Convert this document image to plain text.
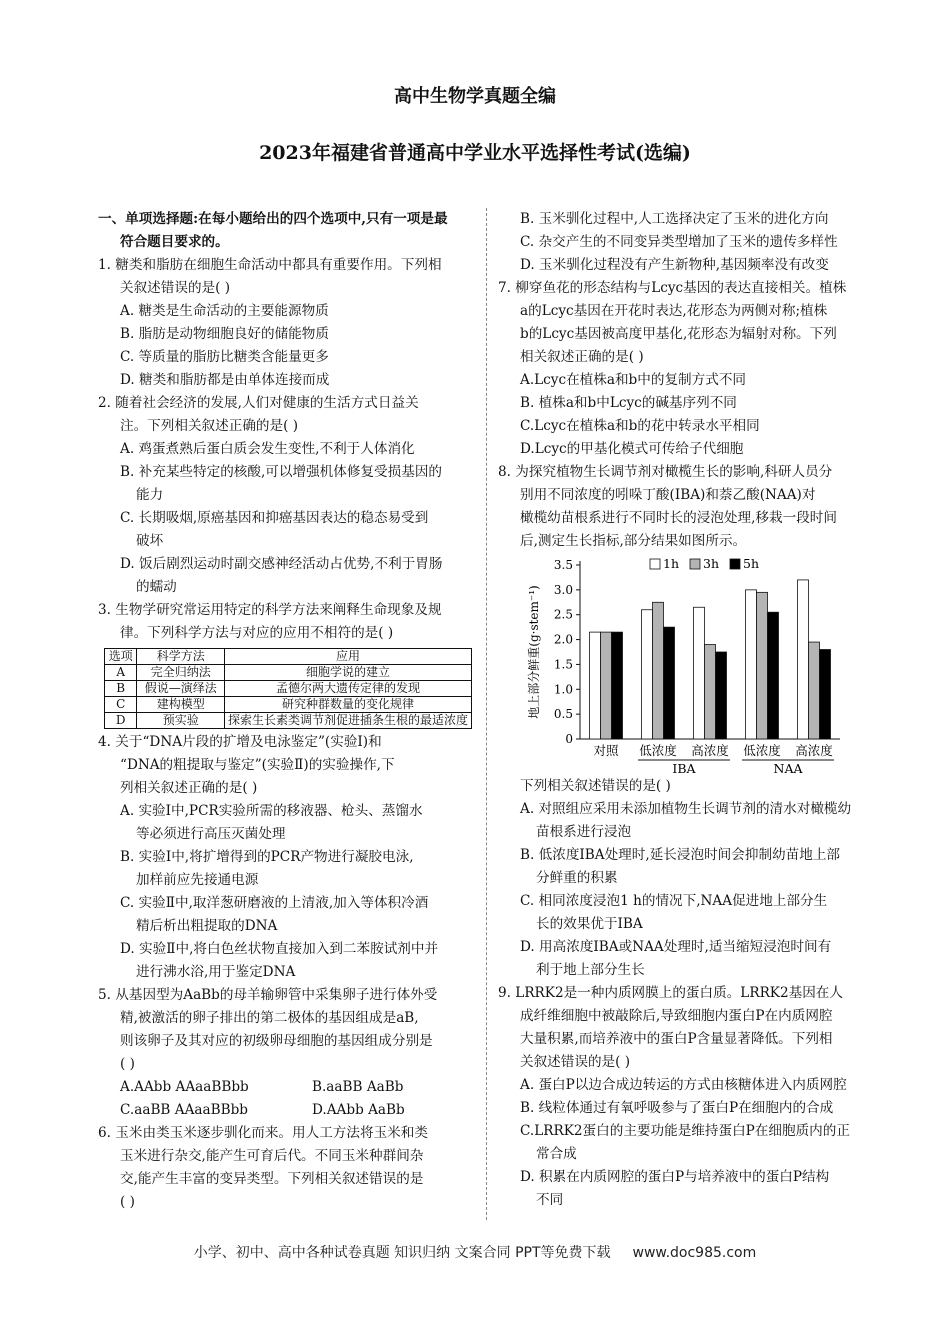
高中生物学真题全编
2023年福建省普通高中学业水平选择性考试(选编)
一、单项选择题:在每小题给出的四个选项中,只有一项是最
符合题目要求的。
1. 糖类和脂肪在细胞生命活动中都具有重要作用。下列相
关叙述错误的是( )
A. 糖类是生命活动的主要能源物质
B. 脂肪是动物细胞良好的储能物质
C. 等质量的脂肪比糖类含能量更多
D. 糖类和脂肪都是由单体连接而成
2. 随着社会经济的发展,人们对健康的生活方式日益关
注。下列相关叙述正确的是( )
A. 鸡蛋煮熟后蛋白质会发生变性,不利于人体消化
B. 补充某些特定的核酸,可以增强机体修复受损基因的
能力
C. 长期吸烟,原癌基因和抑癌基因表达的稳态易受到
破坏
D. 饭后剧烈运动时副交感神经活动占优势,不利于胃肠
的蠕动
3. 生物学研究常运用特定的科学方法来阐释生命现象及规
律。下列科学方法与对应的应用不相符的是( )
选项	科学方法	应用
A	完全归纳法	细胞学说的建立
B	假说—演绎法	孟德尔两大遗传定律的发现
C	建构模型	研究种群数量的变化规律
D	预实验	探索生长素类调节剂促进插条生根的最适浓度
4. 关于“DNA片段的扩增及电泳鉴定”(实验Ⅰ)和
“DNA的粗提取与鉴定”(实验Ⅱ)的实验操作,下
列相关叙述正确的是( )
A. 实验Ⅰ中,PCR实验所需的移液器、枪头、蒸馏水
等必须进行高压灭菌处理
B. 实验Ⅰ中,将扩增得到的PCR产物进行凝胶电泳,
加样前应先接通电源
C. 实验Ⅱ中,取洋葱研磨液的上清液,加入等体积冷酒
精后析出粗提取的DNA
D. 实验Ⅱ中,将白色丝状物直接加入到二苯胺试剂中并
进行沸水浴,用于鉴定DNA
5. 从基因型为AaBb的母羊输卵管中采集卵子进行体外受
精,被激活的卵子排出的第二极体的基因组成是aB,
则该卵子及其对应的初级卵母细胞的基因组成分别是
( )
A.AAbb AAaaBBbb	B.aaBB AaBb
C.aaBB AAaaBBbb	D.AAbb AaBb
6. 玉米由类玉米逐步驯化而来。用人工方法将玉米和类
玉米进行杂交,能产生可育后代。不同玉米种群间杂
交,能产生丰富的变异类型。下列相关叙述错误的是
( )
B. 玉米驯化过程中,人工选择决定了玉米的进化方向
C. 杂交产生的不同变异类型增加了玉米的遗传多样性
D. 玉米驯化过程没有产生新物种,基因频率没有改变
7. 柳穿鱼花的形态结构与Lcyc基因的表达直接相关。植株
a的Lcyc基因在开花时表达,花形态为两侧对称;植株
b的Lcyc基因被高度甲基化,花形态为辐射对称。下列
相关叙述正确的是( )
A.Lcyc在植株a和b中的复制方式不同
B. 植株a和b中Lcyc的碱基序列不同
C.Lcyc在植株a和b的花中转录水平相同
D.Lcyc的甲基化模式可传给子代细胞
8. 为探究植物生长调节剂对橄榄生长的影响,科研人员分
别用不同浓度的吲哚丁酸(IBA)和萘乙酸(NAA)对
橄榄幼苗根系进行不同时长的浸泡处理,移栽一段时间
后,测定生长指标,部分结果如图所示。
0
0.5
1.0
1.5
2.0
2.5
3.0
3.5
地上部分鲜重(g·stem⁻¹)
对照 低浓度 高浓度 低浓度 高浓度
IBA	NAA
1h 3h 5h
下列相关叙述错误的是( )
A. 对照组应采用未添加植物生长调节剂的清水对橄榄幼
苗根系进行浸泡
B. 低浓度IBA处理时,延长浸泡时间会抑制幼苗地上部
分鲜重的积累
C. 相同浓度浸泡1 h的情况下,NAA促进地上部分生
长的效果优于IBA
D. 用高浓度IBA或NAA处理时,适当缩短浸泡时间有
利于地上部分生长
9. LRRK2是一种内质网膜上的蛋白质。LRRK2基因在人
成纤维细胞中被敲除后,导致细胞内蛋白P在内质网腔
大量积累,而培养液中的蛋白P含量显著降低。下列相
关叙述错误的是( )
A. 蛋白P以边合成边转运的方式由核糖体进入内质网腔
B. 线粒体通过有氧呼吸参与了蛋白P在细胞内的合成
C.LRRK2蛋白的主要功能是维持蛋白P在细胞质内的正
常合成
D. 积累在内质网腔的蛋白P与培养液中的蛋白P结构
不同
小学、初中、高中各种试卷真题 知识归纳 文案合同 PPT等免费下载 www.doc985.com
